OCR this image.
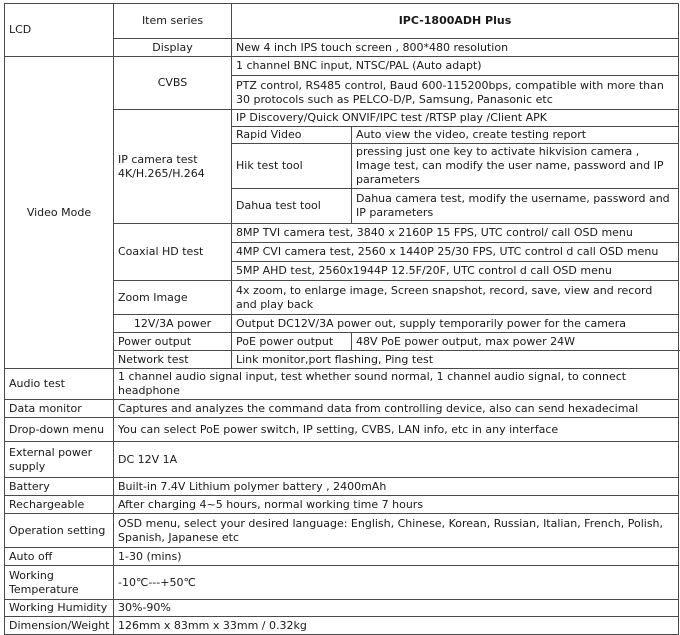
LCD	Item series	IPC-1800ADH Plus	
	Display	New 4 inch IPS touch screen , 800*480 resolution	
Video Mode	CVBS	1 channel BNC input, NTSC/PAL (Auto adapt)	
		PTZ control, RS485 control, Baud 600-115200bps, compatible with more than 30 protocols such as PELCO-D/P, Samsung, Panasonic etc	
	IP camera test 4K/H.265/H.264	IP Discovery/Quick ONVIF/IPC test /RTSP play /Client APK	
		Rapid Video	Auto view the video, create testing report
		Hik test tool	pressing just one key to activate hikvision camera , Image test, can modify the user name, password and IP parameters
		Dahua test tool	Dahua camera test, modify the username, password and IP parameters
	Coaxial HD test	8MP TVI camera test, 3840 x 2160P 15 FPS, UTC control/ call OSD menu	
		4MP CVI camera test, 2560 x 1440P 25/30 FPS, UTC control d call OSD menu	
		5MP AHD test, 2560x1944P 12.5F/20F, UTC control d call OSD menu	
	Zoom Image	4x zoom, to enlarge image, Screen snapshot, record, save, view and record and play back	
	12V/3A power	Output DC12V/3A power out, supply temporarily power for the camera	
	Power output	PoE power output	48V PoE power output, max power 24W
	Network test	Link monitor,port flashing, Ping test	
Audio test	1 channel audio signal input, test whether sound normal, 1 channel audio signal, to connect headphone		
Data monitor	Captures and analyzes the command data from controlling device, also can send hexadecimal		
Drop-down menu	You can select PoE power switch, IP setting, CVBS, LAN info, etc in any interface		
External power supply	DC 12V 1A		
Battery	Built-in 7.4V Lithium polymer battery , 2400mAh		
Rechargeable	After charging 4~5 hours, normal working time 7 hours		
Operation setting	OSD menu, select your desired language: English, Chinese, Korean, Russian, Italian, French, Polish, Spanish, Japanese etc		
Auto off	1-30 (mins)		
Working Temperature	-10℃---+50℃		
Working Humidity	30%-90%		
Dimension/Weight	126mm x 83mm x 33mm / 0.32kg		
